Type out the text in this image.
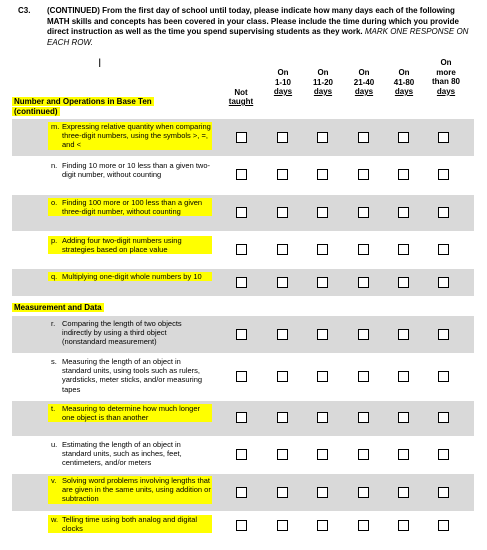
C3. (CONTINUED) From the first day of school until today, please indicate how many days each of the following MATH skills and concepts has been covered in your class. Please include the time during which you provide direct instruction as well as the time you spend supervising students as they work. MARK ONE RESPONSE ON EACH ROW.
I

Not
taught
On
1-10
days
On
11-20
days
On
21-40
days
On
41-80
days
On
more
than 80
days
Number and Operations in Base Ten
(continued)
m. Expressing relative quantity when comparing three-digit numbers, using the symbols >, =, and <
n. Finding 10 more or 10 less than a given two-digit number, without counting
o. Finding 100 more or 100 less than a given three-digit number, without counting
p. Adding four two-digit numbers using strategies based on place value
q. Multiplying one-digit whole numbers by 10
Measurement and Data
r. Comparing the length of two objects indirectly by using a third object (nonstandard measurement)
s. Measuring the length of an object in standard units, using tools such as rulers, yardsticks, meter sticks, and/or measuring tapes
t. Measuring to determine how much longer one object is than another
u. Estimating the length of an object in standard units, such as inches, feet, centimeters, and/or meters
v. Solving word problems involving lengths that are given in the same units, using addition or subtraction
w. Telling time using both analog and digital clocks
